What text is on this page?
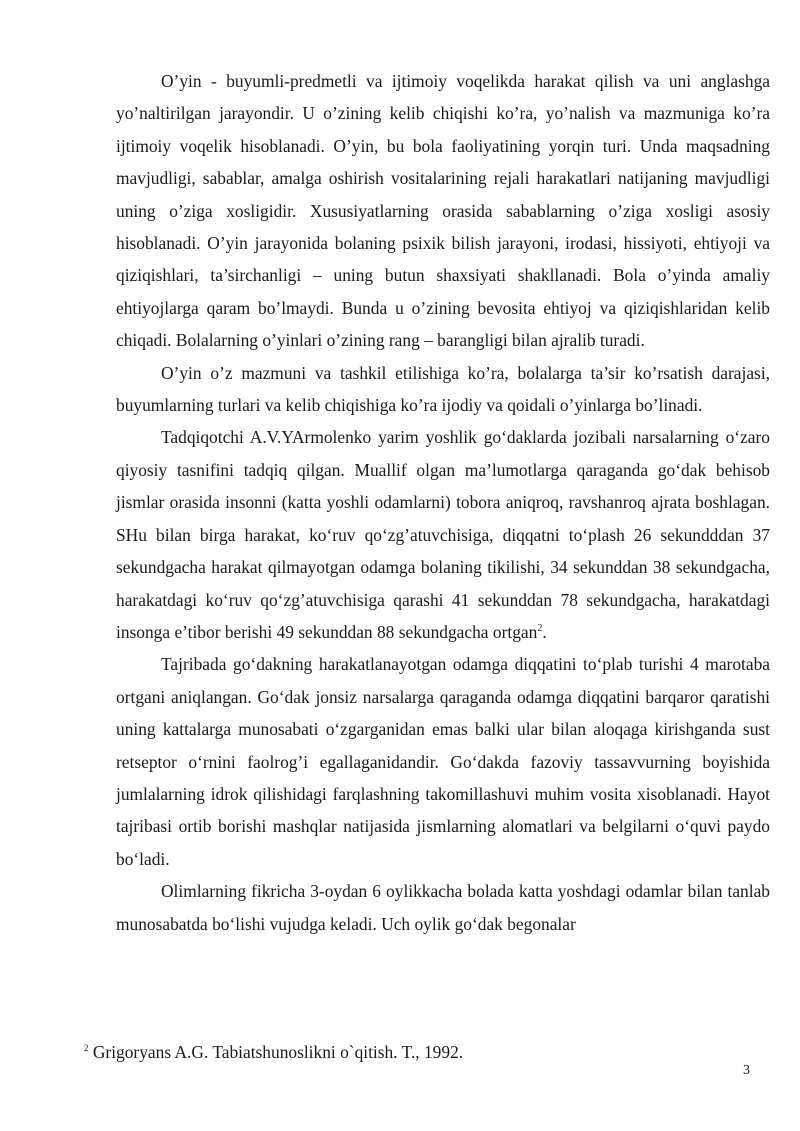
O’yin - buyumli-predmetli va ijtimoiy voqelikda harakat qilish va uni anglashga yo’naltirilgan jarayondir. U o’zining kelib chiqishi ko’ra, yo’nalish va mazmuniga ko’ra ijtimoiy voqelik hisoblanadi. O’yin, bu bola faoliyatining yorqin turi. Unda maqsadning mavjudligi, sabablar, amalga oshirish vositalarining rejali harakatlari natijaning mavjudligi uning o’ziga xosligidir. Xususiyatlarning orasida sabablarning o’ziga xosligi asosiy hisoblanadi. O’yin jarayonida bolaning psixik bilish jarayoni, irodasi, hissiyoti, ehtiyoji va qiziqishlari, ta’sirchanligi – uning butun shaxsiyati shakllanadi. Bola o’yinda amaliy ehtiyojlarga qaram bo’lmaydi. Bunda u o’zining bevosita ehtiyoj va qiziqishlaridan kelib chiqadi. Bolalarning o’yinlari o’zining rang – barangligi bilan ajralib turadi.

O’yin o’z mazmuni va tashkil etilishiga ko’ra, bolalarga ta’sir ko’rsatish darajasi, buyumlarning turlari va kelib chiqishiga ko’ra ijodiy va qoidali o’yinlarga bo’linadi.

Tadqiqotchi A.V.YArmolenko yarim yoshlik go‘daklarda jozibali narsalarning o‘zaro qiyosiy tasnifini tadqiq qilgan. Muallif olgan ma’lumotlarga qaraganda go‘dak behisob jismlar orasida insonni (katta yoshli odamlarni) tobora aniqroq, ravshanroq ajrata boshlagan. SHu bilan birga harakat, ko‘ruv qo‘zg’atuvchisiga, diqqatni to‘plash 26 sekundddan 37 sekundgacha harakat qilmayotgan odamga bolaning tikilishi, 34 sekunddan 38 sekundgacha, harakatdagi ko‘ruv qo‘zg’atuvchisiga qarashi 41 sekunddan 78 sekundgacha, harakatdagi insonga e’tibor berishi 49 sekunddan 88 sekundgacha ortgan$^2$.

Tajribada go‘dakning harakatlanayotgan odamga diqqatini to‘plab turishi 4 marotaba ortgani aniqlangan. Go‘dak jonsiz narsalarga qaraganda odamga diqqatini barqaror qaratishi uning kattalarga munosabati o‘zgarganidan emas balki ular bilan aloqaga kirishganda sust retseptor o‘rnini faolrog’i egallaganidandir. Go‘dakda fazoviy tassavvurning boyishida jumlalarning idrok qilishidagi farqlashning takomillashuvi muhim vosita xisoblanadi. Hayot tajribasi ortib borishi mashqlar natijasida jismlarning alomatlari va belgilarni o‘quvi paydo bo‘ladi.

Olimlarning fikricha 3-oydan 6 oylikkacha bolada katta yoshdagi odamlar bilan tanlab munosabatda bo‘lishi vujudga keladi. Uch oylik go‘dak begonalar

$^2$ Grigoryans A.G. Tabiatshunoslikni o`qitish. T., 1992.
3
